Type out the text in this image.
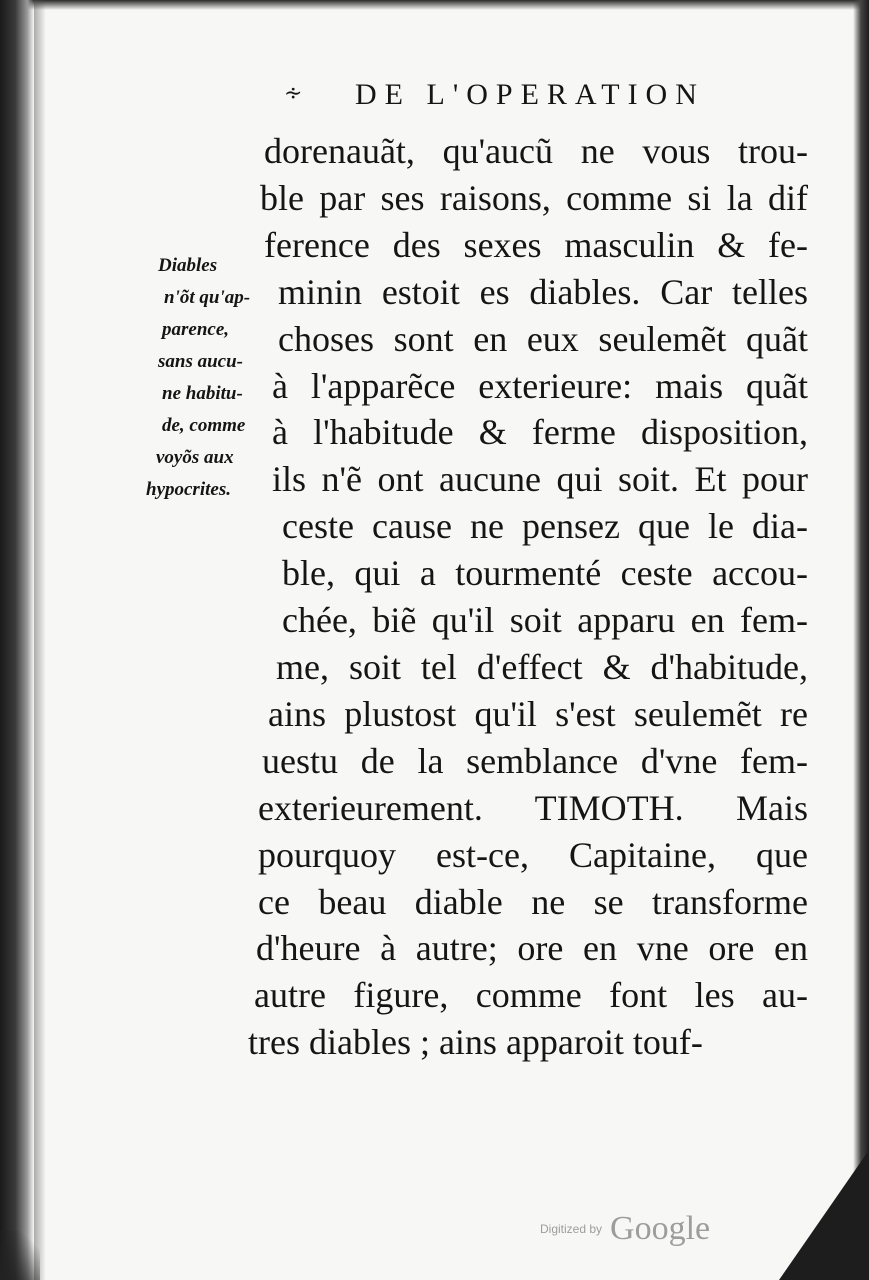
∻ DE L'OPERATION
Diables
n'õt qu'ap-
parence,
sans aucu-
ne habitu-
de, comme
voyõs aux
hypocrites.
dorenauãt, qu'aucũ ne vous trou-
ble par ses raisons, comme si la dif
ference des sexes masculin & fe-
minin estoit es diables. Car telles
choses sont en eux seulemẽt quãt
à l'apparẽce exterieure: mais quãt
à l'habitude & ferme disposition,
ils n'ẽ ont aucune qui soit. Et pour
ceste cause ne pensez que le dia-
ble, qui a tourmenté ceste accou-
chée, biẽ qu'il soit apparu en fem-
me, soit tel d'effect & d'habitude,
ains plustost qu'il s'est seulemẽt re
uestu de la semblance d'vne fem-
exterieurement. TIMOTH. Mais
pourquoy est-ce, Capitaine, que
ce beau diable ne se transforme
d'heure à autre; ore en vne ore en
autre figure, comme font les au-
tres diables ; ains apparoit touf-
Digitized by Google
